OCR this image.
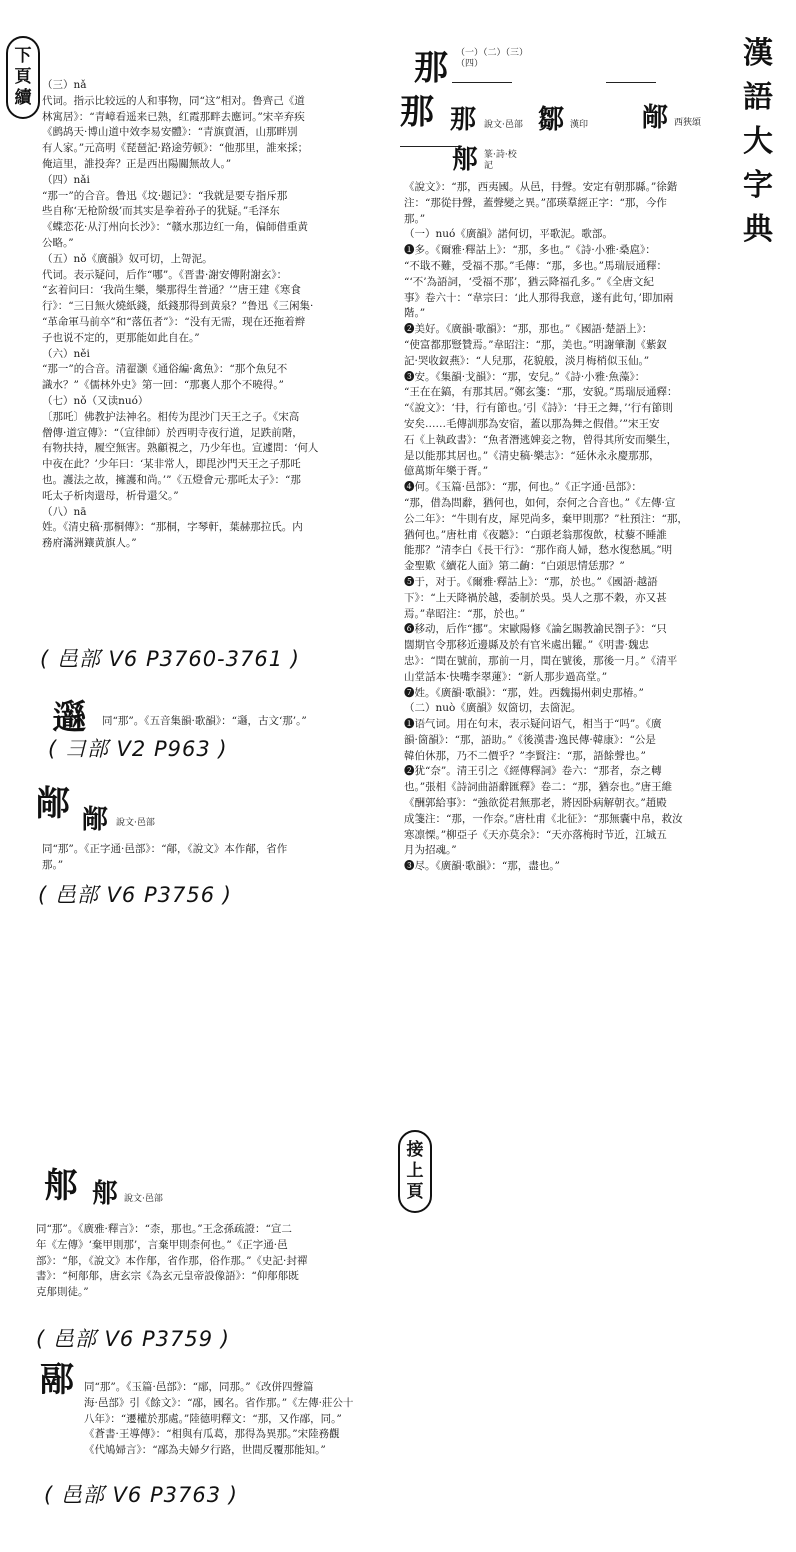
下頁續
（三）nǎ
代词。指示比较远的人和事物，同“这”相对。鲁齊己《道
林寓居》：“青嶂看遥来已熟，红霞那畔去應诃。”宋辛弃疾
《鹧鸪天·博山道中效李易安體》：“青旗賣酒，山那畔別
有人家。”元高明《琵琶記·路途劳顿》：“他那里，誰來採；
俺這里，誰投奔？正是西出陽關無故人。”
（四）nǎi
“那一”的合音。鲁迅《坟·题记》：“我就是要专指斥那
些自称‘无枪阶级’而其实是拳着孙子的犹疑。”毛泽东
《蝶恋花·从汀州向长沙》：“赣水那边红一角，偏師借重黄
公略。”
（五）nǒ《廣韻》奴可切，上哿泥。
代词。表示疑问，后作“哪”。《晋書·謝安傳附謝玄》：
“玄着问曰：‘我尚生樂，樂那得生普通？’”唐王建《寒食
行》：“三日無火燒紙錢，紙錢那得到黄泉？”鲁迅《三闲集·
“革命軍马前卒”和“落伍者”》：“没有无需，现在还拖着辫
子也说不定的，更那能如此自在。”
（六）něi
“那一”的合音。清翟灏《通俗編·禽魚》：“那个魚兒不
識水？”《儒林外史》第一回：“那裏人那个不曉得。”
（七）nǒ（又读nuó）
〔那吒〕佛教护法神名。相传为毘沙门天王之子。《宋高
僧傳·道宣傳》：“（宣律師）於西明寺夜行道，足跌前階，
有物扶持，履空無害。熟顧視之，乃少年也。宣遽問：‘何人
中夜在此？’少年曰：‘某非常人，即毘沙門天王之子那吒
也。護法之故，擁護和尚。’”《五燈會元·那吒太子》：“那
吒太子析肉還母，析骨還父。”
（八）nā
姓。《清史稿·那桐傳》：“那桐，字琴軒，葉赫那拉氏。内
務府滿洲鑲黄旗人。”
( 邑部 V6 P3760-3761 )
𨙣 同“那”。《五音集韻·歌韻》：“𨙣，古文‘那’。”
( 彐部 V2 P963 )
䣊 䣊 說文·邑部
同“那”。《正字通·邑部》：“䣊，《說文》本作䣊，省作
那。”
( 邑部 V6 P3756 )
那 （一）（二）（三）（四）
那 那 說文·邑部 鄒 漢印 䣊 西狹頌
郍 篆·詩·校記
漢語大字典
《說文》：“那，西夷國。从邑，冄聲。安定有朝那縣。”徐鍇
注：“那從冄聲，蓋聲變之異。”邵瑛羣經正字：“那，今作
那。”
（一）nuó《廣韻》諾何切，平歌泥。歌部。
❶多。《爾雅·釋詁上》：“那，多也。”《詩·小雅·桑扈》：
“不戢不難，受福不那。”毛傳：“那，多也。”馬瑞辰通釋：
“‘不’為語詞，‘受福不那’，猶云降福孔多。”《全唐文紀
事》卷六十：“韋宗曰：‘此人那得我意，遂有此句，’即加兩
階。”
❷美好。《廣韻·歌韻》：“那，那也。”《國語·楚語上》：
“使富都那豎贊焉。”韋昭注：“那，美也。”明謝肇淛《紫釵
記·哭收釵燕》：“人兒那，花貌般，淡月梅梢似玉仙。”
❸安。《集韻·戈韻》：“那，安兒。”《詩·小雅·魚藻》：
“王在在鎬，有那其居。”鄭玄箋：“那，安貌。”馬瑞辰通釋：
“《說文》：‘冄，行有節也。’引《詩》：‘冄王之舞，’‘行有節則
安矣……毛傳訓那為安宿，蓋以那為舞之假借。’”宋王安
石《上執政書》：“魚者潛逃婢妾之物，曾得其所安而樂生，
是以能那其居也。”《清史稿·樂志》：“延休永永慶那那，
億萬斯年樂于胥。”
❹何。《玉篇·邑部》：“那，何也。”《正字通·邑部》：
“那，借為問辭，猶何也，如何，奈何之合音也。”《左傳·宣
公二年》：“牛則有皮，犀兕尚多，棄甲則那？”杜預注：“那，
猶何也。”唐杜甫《夜聽》：“白頭老翁那復飲，杖藜不睡誰
能那？”清李白《長干行》：“那作商人婦，愁水復愁風。”明
金聖歎《續花人面》第二齣：“白頭思情恁那？”
❺于，对于。《爾雅·釋詁上》：“那，於也。”《國語·越語
下》：“上天降禍於越，委制於吳。吳人之那不穀，亦又甚
焉。”韋昭注：“那，於也。”
❻移动，后作“挪”。宋歐陽修《論乞賜教諭民劄子》：“只
闊期官令那移近邊縣及於有官米處出糶。”《明書·魏忠
忠》：“閏在號前，那前一月，閏在號後，那後一月。”《清平
山堂話本·快嘴李翠蓮》：“新人那步過高堂。”
❼姓。《廣韻·歌韻》：“那，姓。西魏揚州刺史那椿。”
（二）nuò《廣韻》奴箇切，去箇泥。
❶语气词。用在句末，表示疑问语气，相当于“吗”。《廣
韻·箇韻》：“那，語助。”《後漢書·逸民傳·韓康》：“公是
韓伯休那，乃不二價乎？”李賢注：“那，語餘聲也。”
❷犹“奈”。清王引之《經傳釋詞》卷六：“那者，奈之轉
也。”張相《詩詞曲語辭匯釋》卷二：“那，猶奈也。”唐王維
《酬郭給事》：“強欲從君無那老，將因卧病解朝衣。”趙殿
成箋注：“那，一作奈。”唐杜甫《北征》：“那無囊中帛，救汝
寒凛慄。”柳亞子《天亦莫余》：“天亦落梅时节近，江城五
月为招魂。”
❸尽。《廣韻·歌韻》：“那，盡也。”
接上頁
郍 郍 說文·邑部
同“那”。《廣雅·釋言》：“柰，那也。”王念孫疏證：“宣二
年《左傳》‘棄甲則那’，言棄甲則柰何也。”《正字通·邑
部》：“郍，《說文》本作郍，省作那，俗作那。”《史記·封禪
書》：“柯郍郍，唐玄宗《為玄元皇帝設像語》：“仰郍郍既
克郍則徒。”
( 邑部 V6 P3759 )
䣓 同“那”。《玉篇·邑部》：“䣓，同那。”《改併四聲篇
海·邑部》引《餘文》：“䣓，國名。省作那。”《左傳·莊公十
八年》：“遷權於那處。”陸德明釋文：“那，又作䣓，同。”
《蒼書·王導傳》：“相與有瓜葛，那得為異那。”宋陸務觀
《代鳩婦言》：“䣓為夫婦夕行路，世間反覆那能知。”
( 邑部 V6 P3763 )
